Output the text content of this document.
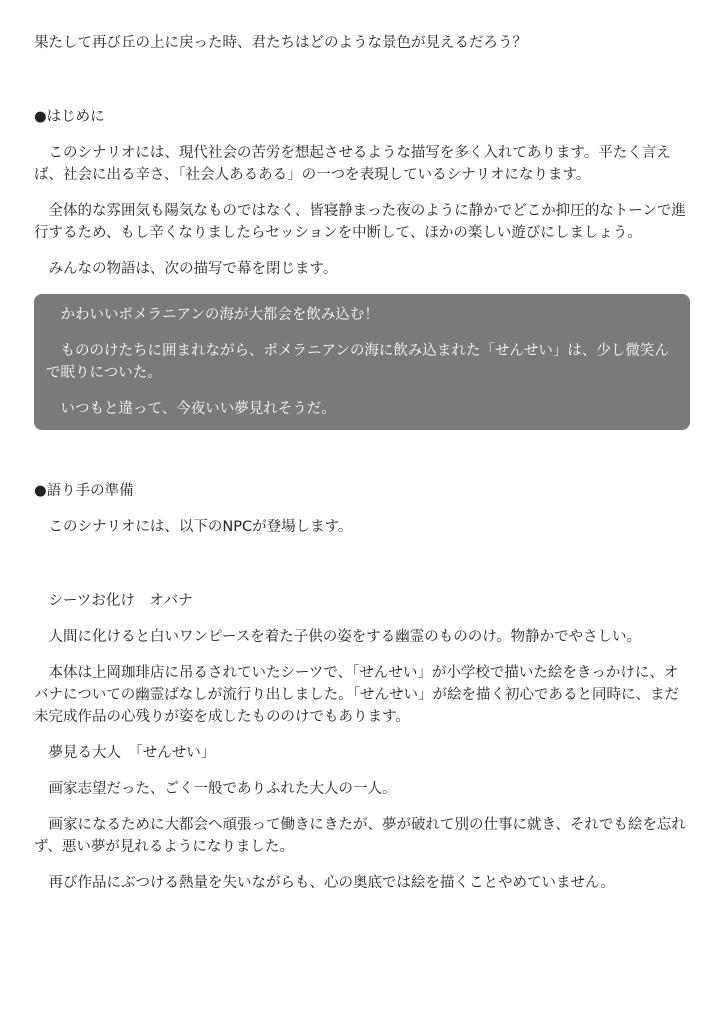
果たして再び丘の上に戻った時、君たちはどのような景色が見えるだろう？

●はじめに

　このシナリオには、現代社会の苦労を想起させるような描写を多く入れてあります。平たく言えば、社会に出る辛さ、「社会人あるある」の一つを表現しているシナリオになります。

　全体的な雰囲気も陽気なものではなく、皆寝静まった夜のように静かでどこか抑圧的なトーンで進行するため、もし辛くなりましたらセッションを中断して、ほかの楽しい遊びにしましょう。

　みんなの物語は、次の描写で幕を閉じます。

　かわいいポメラニアンの海が大都会を飲み込む！

　もののけたちに囲まれながら、ポメラニアンの海に飲み込まれた「せんせい」は、少し微笑んで眠りについた。

　いつもと違って、今夜いい夢見れそうだ。

●語り手の準備

　このシナリオには、以下のNPCが登場します。

　シーツお化け　オバナ

　人間に化けると白いワンピースを着た子供の姿をする幽霊のもののけ。物静かでやさしい。

　本体は上岡珈琲店に吊るされていたシーツで、「せんせい」が小学校で描いた絵をきっかけに、オバナについての幽霊ばなしが流行り出しました。「せんせい」が絵を描く初心であると同時に、まだ未完成作品の心残りが姿を成したもののけでもあります。

　夢見る大人　「せんせい」

　画家志望だった、ごく一般でありふれた大人の一人。

　画家になるために大都会へ頑張って働きにきたが、夢が破れて別の仕事に就き、それでも絵を忘れず、悪い夢が見れるようになりました。

　再び作品にぶつける熱量を失いながらも、心の奥底では絵を描くことやめていません。
